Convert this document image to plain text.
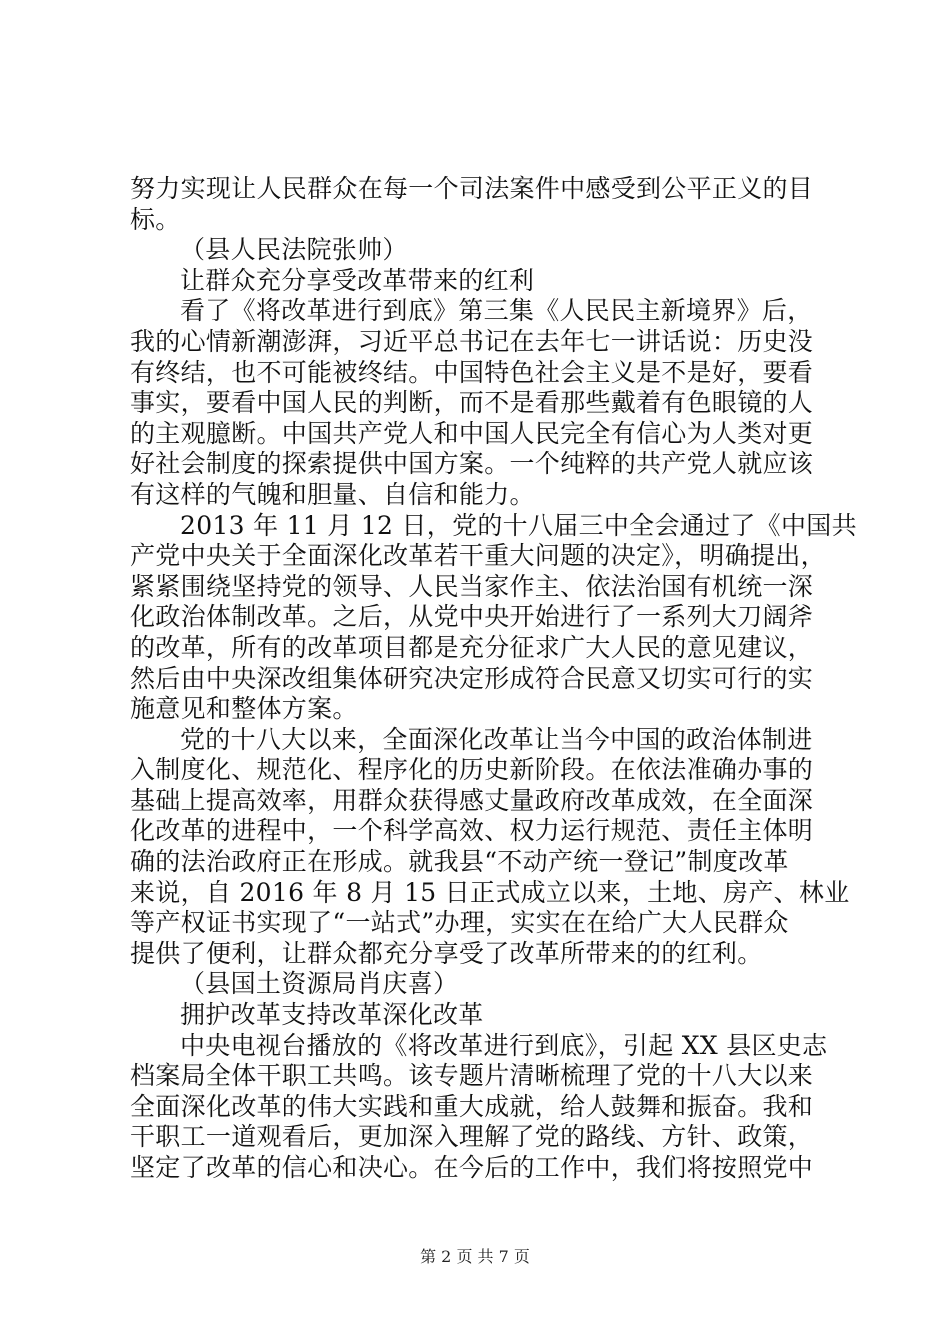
努力实现让人民群众在每一个司法案件中感受到公平正义的目
标。
（县人民法院张帅）
让群众充分享受改革带来的红利
看了《将改革进行到底》第三集《人民民主新境界》后，
我的心情新潮澎湃，习近平总书记在去年七一讲话说：历史没
有终结，也不可能被终结。中国特色社会主义是不是好，要看
事实，要看中国人民的判断，而不是看那些戴着有色眼镜的人
的主观臆断。中国共产党人和中国人民完全有信心为人类对更
好社会制度的探索提供中国方案。一个纯粹的共产党人就应该
有这样的气魄和胆量、自信和能力。
2013 年 11 月 12 日，党的十八届三中全会通过了《中国共
产党中央关于全面深化改革若干重大问题的决定》，明确提出，
紧紧围绕坚持党的领导、人民当家作主、依法治国有机统一深
化政治体制改革。之后，从党中央开始进行了一系列大刀阔斧
的改革，所有的改革项目都是充分征求广大人民的意见建议，
然后由中央深改组集体研究决定形成符合民意又切实可行的实
施意见和整体方案。
党的十八大以来，全面深化改革让当今中国的政治体制进
入制度化、规范化、程序化的历史新阶段。在依法准确办事的
基础上提高效率，用群众获得感丈量政府改革成效，在全面深
化改革的进程中，一个科学高效、权力运行规范、责任主体明
确的法治政府正在形成。就我县“不动产统一登记”制度改革
来说，自 2016 年 8 月 15 日正式成立以来，土地、房产、林业
等产权证书实现了“一站式”办理，实实在在给广大人民群众
提供了便利，让群众都充分享受了改革所带来的的红利。
（县国土资源局肖庆喜）
拥护改革支持改革深化改革
中央电视台播放的《将改革进行到底》，引起 XX 县区史志
档案局全体干职工共鸣。该专题片清晰梳理了党的十八大以来
全面深化改革的伟大实践和重大成就，给人鼓舞和振奋。我和
干职工一道观看后，更加深入理解了党的路线、方针、政策，
坚定了改革的信心和决心。在今后的工作中，我们将按照党中
第 2 页 共 7 页
